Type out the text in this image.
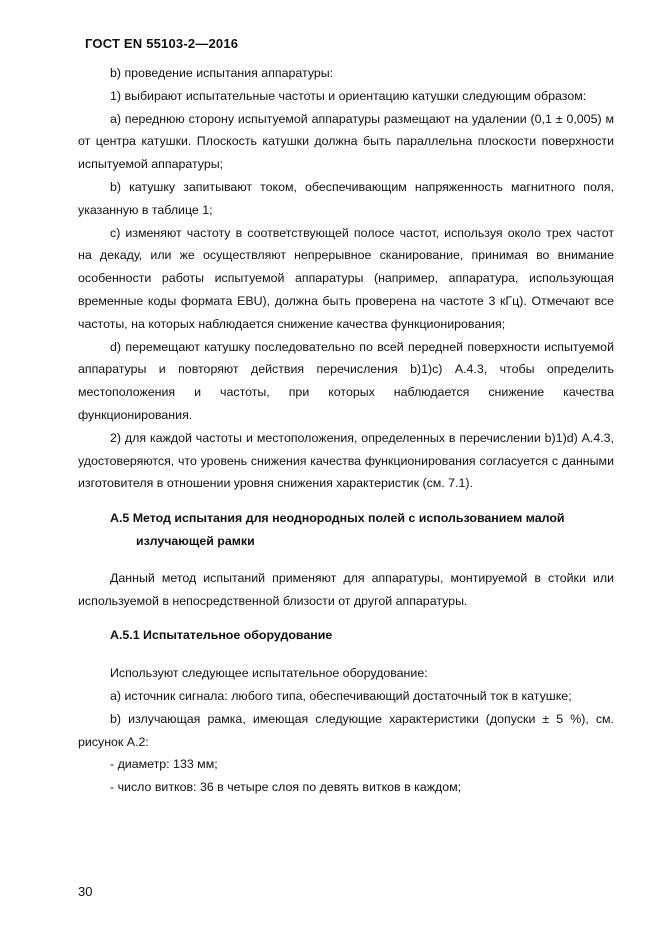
ГОСТ EN 55103-2—2016

b) проведение испытания аппаратуры:

1) выбирают испытательные частоты и ориентацию катушки следующим образом:

a) переднюю сторону испытуемой аппаратуры размещают на удалении (0,1 ± 0,005) м от центра катушки. Плоскость катушки должна быть параллельна плоскости поверхности испытуемой аппаратуры;

b) катушку запитывают током, обеспечивающим напряженность магнитного поля, указанную в таблице 1;

c) изменяют частоту в соответствующей полосе частот, используя около трех частот на декаду, или же осуществляют непрерывное сканирование, принимая во внимание особенности работы испытуемой аппаратуры (например, аппаратура, использующая временные коды формата EBU), должна быть проверена на частоте 3 кГц). Отмечают все частоты, на которых наблюдается снижение качества функционирования;

d) перемещают катушку последовательно по всей передней поверхности испытуемой аппаратуры и повторяют действия перечисления b)1)c) А.4.3, чтобы определить местоположения и частоты, при которых наблюдается снижение качества функционирования.

2) для каждой частоты и местоположения, определенных в перечислении b)1)d) А.4.3, удостоверяются, что уровень снижения качества функционирования согласуется с данными изготовителя в отношении уровня снижения характеристик (см. 7.1).

А.5 Метод испытания для неоднородных полей с использованием малой
излучающей рамки

Данный метод испытаний применяют для аппаратуры, монтируемой в стойки или используемой в непосредственной близости от другой аппаратуры.

А.5.1 Испытательное оборудование

Используют следующее испытательное оборудование:

a) источник сигнала: любого типа, обеспечивающий достаточный ток в катушке;

b) излучающая рамка, имеющая следующие характеристики (допуски ± 5 %), см. рисунок А.2:

- диаметр: 133 мм;

- число витков: 36 в четыре слоя по девять витков в каждом;

30
